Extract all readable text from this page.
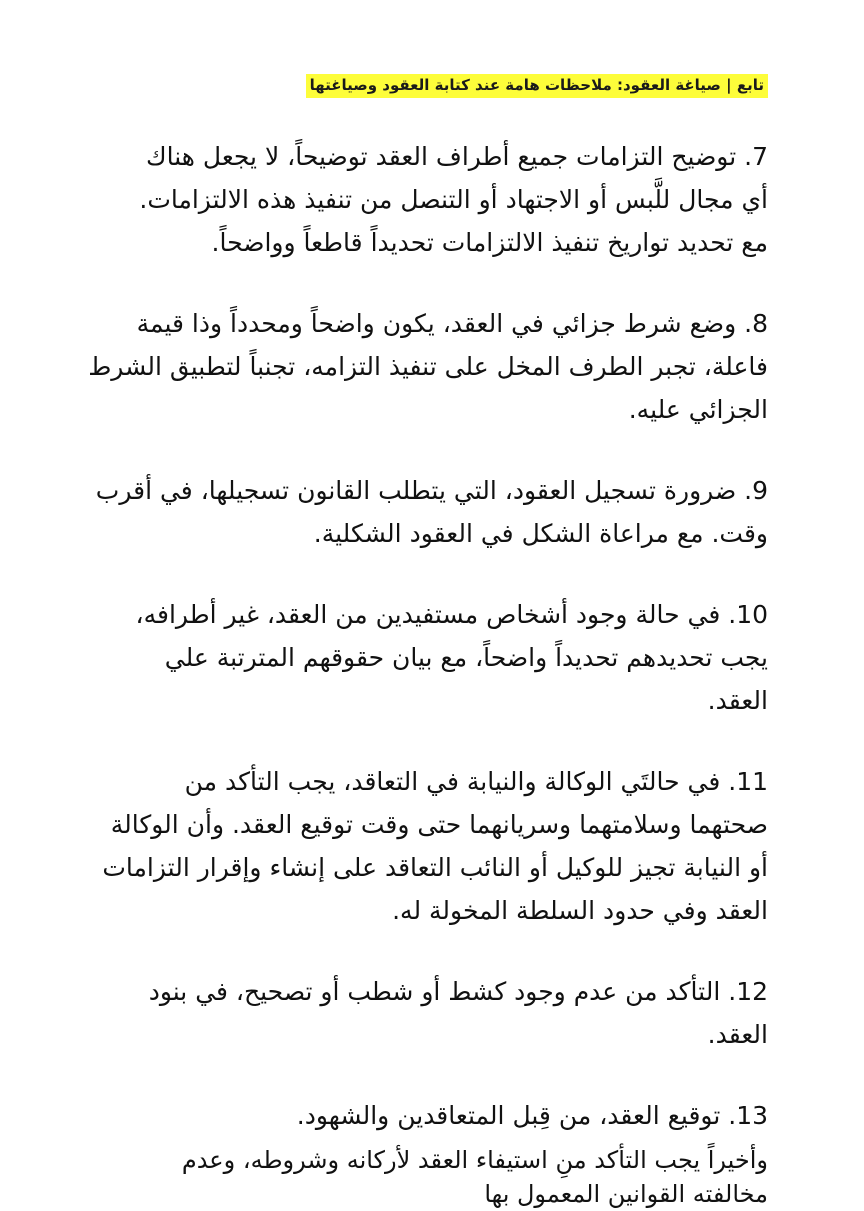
تابع | صياغة العقود: ملاحظات هامة عند كتابة العقود وصياغتها
7. توضيح التزامات جميع أطراف العقد توضيحاً، لا يجعل هناك
أي مجال للَّبس أو الاجتهاد أو التنصل من تنفيذ هذه الالتزامات.
مع تحديد تواريخ تنفيذ الالتزامات تحديداً قاطعاً وواضحاً.
8. وضع شرط جزائي في العقد، يكون واضحاً ومحدداً وذا قيمة
فاعلة، تجبر الطرف المخل على تنفيذ التزامه، تجنباً لتطبيق الشرط
الجزائي عليه.
9. ضرورة تسجيل العقود، التي يتطلب القانون تسجيلها، في أقرب
وقت. مع مراعاة الشكل في العقود الشكلية.
10. في حالة وجود أشخاص مستفيدين من العقد، غير أطرافه،
يجب تحديدهم تحديداً واضحاً، مع بيان حقوقهم المترتبة علي
العقد.
11. في حالتَي الوكالة والنيابة في التعاقد، يجب التأكد من
صحتهما وسلامتهما وسريانهما حتى وقت توقيع العقد. وأن الوكالة
أو النيابة تجيز للوكيل أو النائب التعاقد على إنشاء وإقرار التزامات
العقد وفي حدود السلطة المخولة له.
12. التأكد من عدم وجود كشط أو شطب أو تصحيح، في بنود
العقد.
13. توقيع العقد، من قِبل المتعاقدين والشهود.
وأخيراً يجب التأكد منِ استيفاء العقد لأركانه وشروطه، وعدم
مخالفته القوانين المعمول بها
